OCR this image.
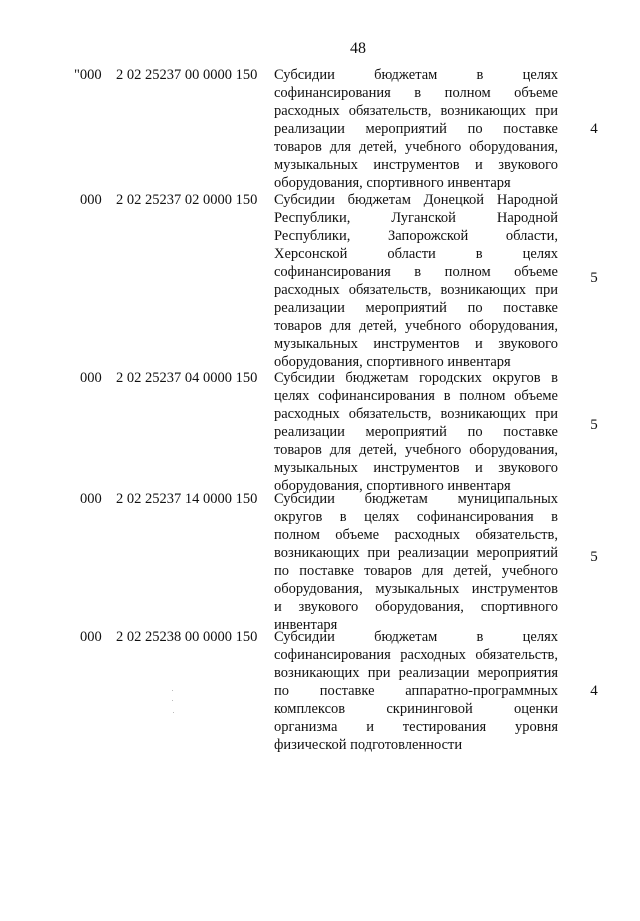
48
"000 2 02 25237 00 0000 150 Субсидии бюджетам в целях
софинансирования в полном объеме
расходных обязательств, возникающих при
реализации мероприятий по поставке
товаров для детей, учебного оборудования,
музыкальных инструментов и звукового
оборудования, спортивного инвентаря
4
000 2 02 25237 02 0000 150 Субсидии бюджетам Донецкой Народной
Республики, Луганской Народной
Республики, Запорожской области,
Херсонской области в целях
софинансирования в полном объеме
расходных обязательств, возникающих при
реализации мероприятий по поставке
товаров для детей, учебного оборудования,
музыкальных инструментов и звукового
оборудования, спортивного инвентаря
5
000 2 02 25237 04 0000 150 Субсидии бюджетам городских округов в
целях софинансирования в полном объеме
расходных обязательств, возникающих при
реализации мероприятий по поставке
товаров для детей, учебного оборудования,
музыкальных инструментов и звукового
оборудования, спортивного инвентаря
5
000 2 02 25237 14 0000 150 Субсидии бюджетам муниципальных
округов в целях софинансирования в
полном объеме расходных обязательств,
возникающих при реализации мероприятий
по поставке товаров для детей, учебного
оборудования, музыкальных инструментов
и звукового оборудования, спортивного
инвентаря
5
000 2 02 25238 00 0000 150 Субсидии бюджетам в целях
софинансирования расходных обязательств,
возникающих при реализации мероприятия
по поставке аппаратно-программных
комплексов скрининговой оценки
организма и тестирования уровня
физической подготовленности
4
